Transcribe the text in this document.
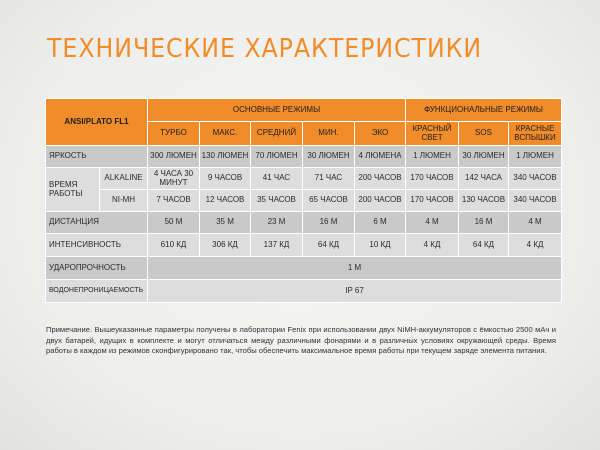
ТЕХНИЧЕСКИЕ ХАРАКТЕРИСТИКИ
ANSI/PLATO FL1		ОСНОВНЫЕ РЕЖИМЫ					ФУНКЦИОНАЛЬНЫЕ РЕЖИМЫ		
		ТУРБО	МАКС.	СРЕДНИЙ	МИН.	ЭКО	КРАСНЫЙ СВЕТ	SOS	КРАСНЫЕ ВСПЫШКИ
ЯРКОСТЬ		300 ЛЮМЕН	130 ЛЮМЕН	70 ЛЮМЕН	30 ЛЮМЕН	4 ЛЮМЕНА	1 ЛЮМЕН	30 ЛЮМЕН	1 ЛЮМЕН
ВРЕМЯ РАБОТЫ	ALKALINE	4 ЧАСА 30 МИНУТ	9 ЧАСОВ	41 ЧАС	71 ЧАС	200 ЧАСОВ	170 ЧАСОВ	142 ЧАСА	340 ЧАСОВ
	NI-MH	7 ЧАСОВ	12 ЧАСОВ	35 ЧАСОВ	65 ЧАСОВ	200 ЧАСОВ	170 ЧАСОВ	130 ЧАСОВ	340 ЧАСОВ
ДИСТАНЦИЯ		50 М	35 М	23 М	16 М	6 М	4 М	16 М	4 М
ИНТЕНСИВНОСТЬ		610 КД	306 КД	137 КД	64 КД	10 КД	4 КД	64 КД	4 КД
УДАРОПРОЧНОСТЬ		1 М							
ВОДОНЕПРОНИЦАЕМОСТЬ		IP 67							
Примечание. Вышеуказанные параметры получены в лаборатории Fenix при использовании двух NiMH-аккумуляторов с ёмкостью 2500 мАч и двух батарей, идущих в комплекте и могут отличаться между различными фонарями и в различных условиях окружающей среды. Время работы в каждом из режимов сконфигурировано так, чтобы обеспечить максимальное время работы при текущем заряде элемента питания.
